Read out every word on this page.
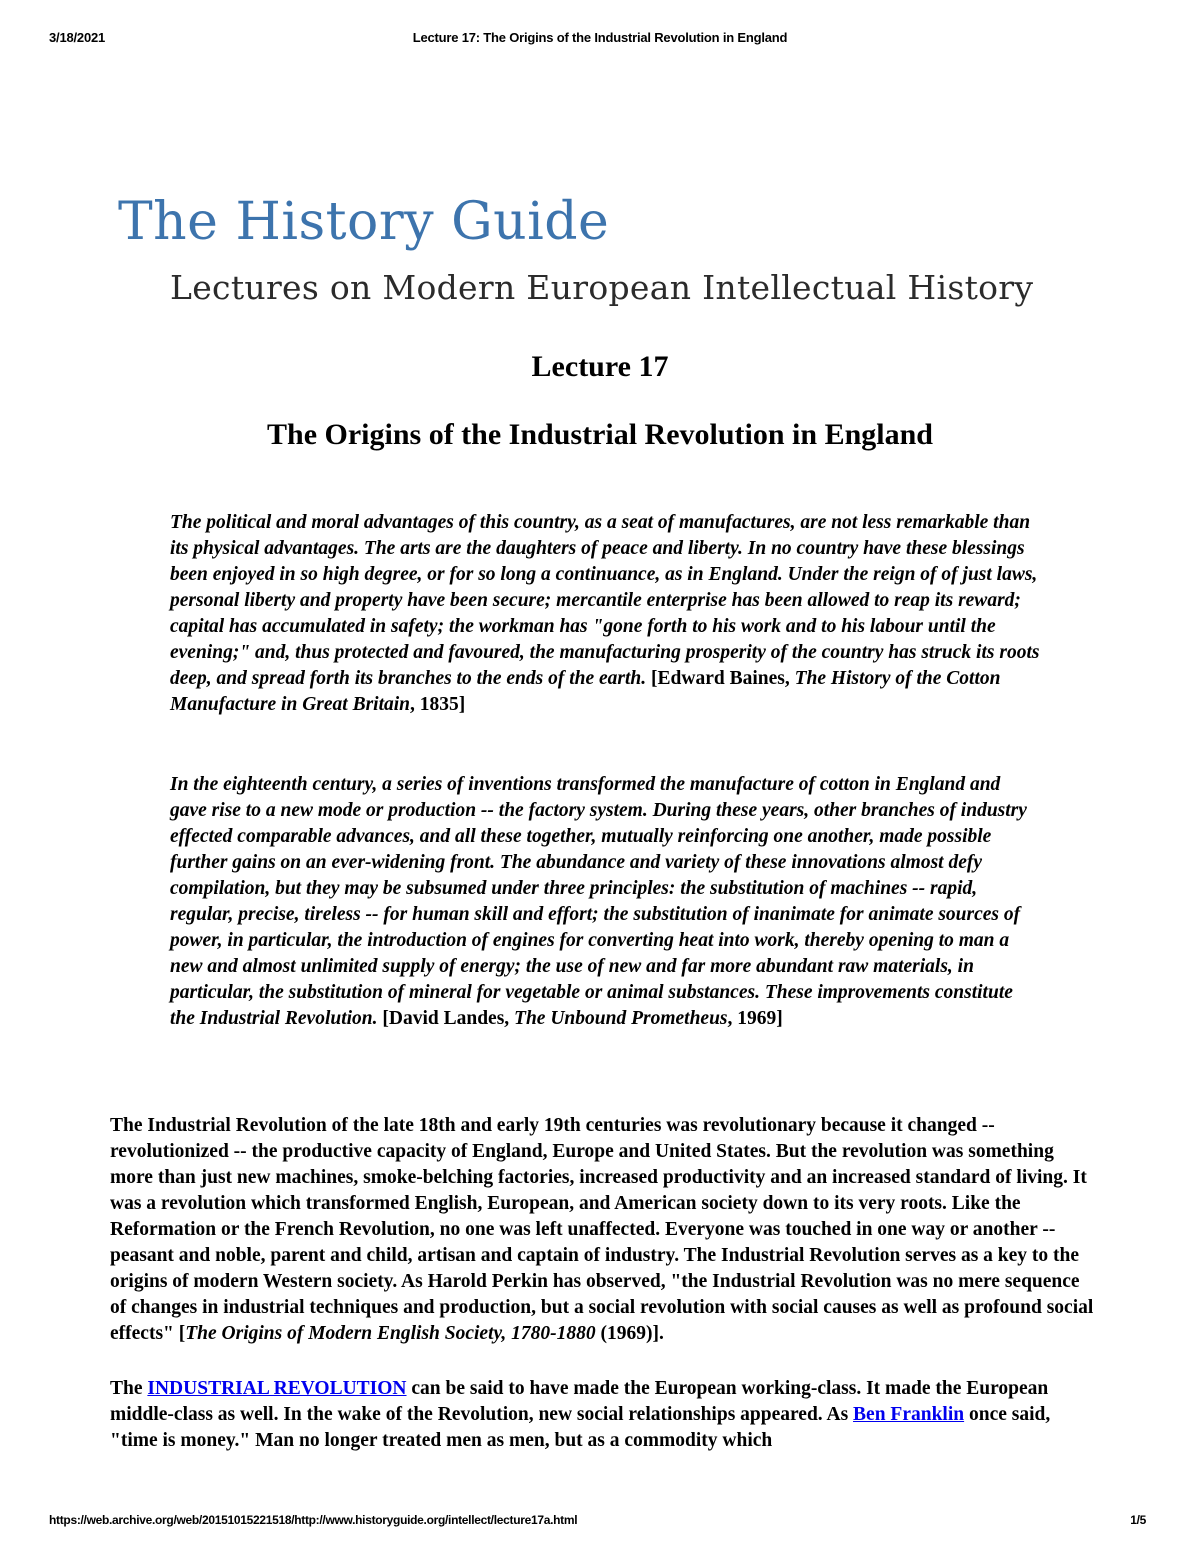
3/18/2021	Lecture 17: The Origins of the Industrial Revolution in England
The History Guide
Lectures on Modern European Intellectual History
Lecture 17
The Origins of the Industrial Revolution in England

The political and moral advantages of this country, as a seat of manufactures, are not less remarkable than its physical advantages. The arts are the daughters of peace and liberty. In no country have these blessings been enjoyed in so high degree, or for so long a continuance, as in England. Under the reign of of just laws, personal liberty and property have been secure; mercantile enterprise has been allowed to reap its reward; capital has accumulated in safety; the workman has "gone forth to his work and to his labour until the evening;" and, thus protected and favoured, the manufacturing prosperity of the country has struck its roots deep, and spread forth its branches to the ends of the earth. [Edward Baines, The History of the Cotton Manufacture in Great Britain, 1835]

In the eighteenth century, a series of inventions transformed the manufacture of cotton in England and gave rise to a new mode or production -- the factory system. During these years, other branches of industry effected comparable advances, and all these together, mutually reinforcing one another, made possible further gains on an ever-widening front. The abundance and variety of these innovations almost defy compilation, but they may be subsumed under three principles: the substitution of machines -- rapid, regular, precise, tireless -- for human skill and effort; the substitution of inanimate for animate sources of power, in particular, the introduction of engines for converting heat into work, thereby opening to man a new and almost unlimited supply of energy; the use of new and far more abundant raw materials, in particular, the substitution of mineral for vegetable or animal substances. These improvements constitute the Industrial Revolution. [David Landes, The Unbound Prometheus, 1969]

The Industrial Revolution of the late 18th and early 19th centuries was revolutionary because it changed -- revolutionized -- the productive capacity of England, Europe and United States. But the revolution was something more than just new machines, smoke-belching factories, increased productivity and an increased standard of living. It was a revolution which transformed English, European, and American society down to its very roots. Like the Reformation or the French Revolution, no one was left unaffected. Everyone was touched in one way or another -- peasant and noble, parent and child, artisan and captain of industry. The Industrial Revolution serves as a key to the origins of modern Western society. As Harold Perkin has observed, "the Industrial Revolution was no mere sequence of changes in industrial techniques and production, but a social revolution with social causes as well as profound social effects" [The Origins of Modern English Society, 1780-1880 (1969)].

The INDUSTRIAL REVOLUTION can be said to have made the European working-class. It made the European middle-class as well. In the wake of the Revolution, new social relationships appeared. As Ben Franklin once said, "time is money." Man no longer treated men as men, but as a commodity which

https://web.archive.org/web/20151015221518/http://www.historyguide.org/intellect/lecture17a.html	1/5
